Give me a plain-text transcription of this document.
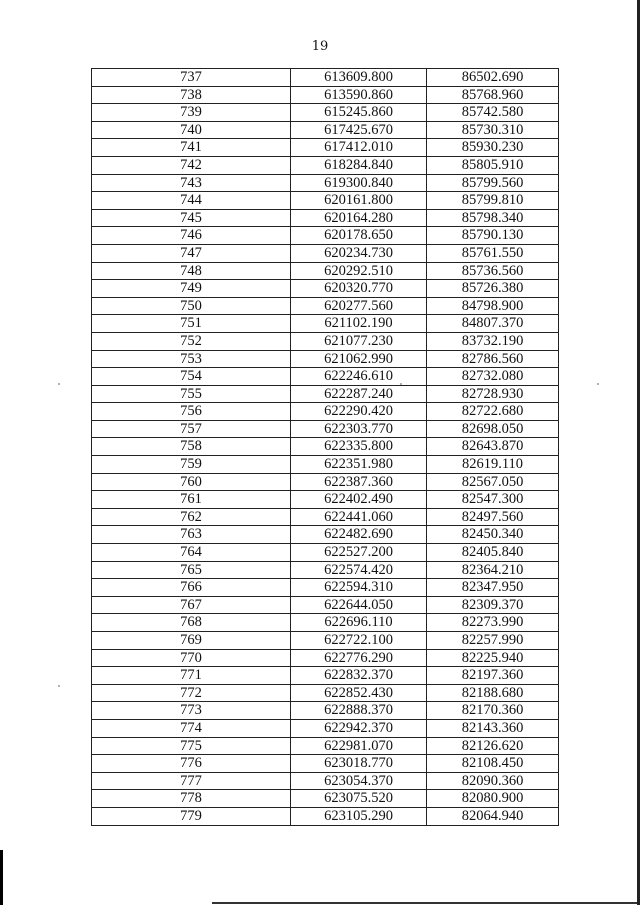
19
737	613609.800	86502.690
738	613590.860	85768.960
739	615245.860	85742.580
740	617425.670	85730.310
741	617412.010	85930.230
742	618284.840	85805.910
743	619300.840	85799.560
744	620161.800	85799.810
745	620164.280	85798.340
746	620178.650	85790.130
747	620234.730	85761.550
748	620292.510	85736.560
749	620320.770	85726.380
750	620277.560	84798.900
751	621102.190	84807.370
752	621077.230	83732.190
753	621062.990	82786.560
754	622246.610	82732.080
755	622287.240	82728.930
756	622290.420	82722.680
757	622303.770	82698.050
758	622335.800	82643.870
759	622351.980	82619.110
760	622387.360	82567.050
761	622402.490	82547.300
762	622441.060	82497.560
763	622482.690	82450.340
764	622527.200	82405.840
765	622574.420	82364.210
766	622594.310	82347.950
767	622644.050	82309.370
768	622696.110	82273.990
769	622722.100	82257.990
770	622776.290	82225.940
771	622832.370	82197.360
772	622852.430	82188.680
773	622888.370	82170.360
774	622942.370	82143.360
775	622981.070	82126.620
776	623018.770	82108.450
777	623054.370	82090.360
778	623075.520	82080.900
779	623105.290	82064.940
